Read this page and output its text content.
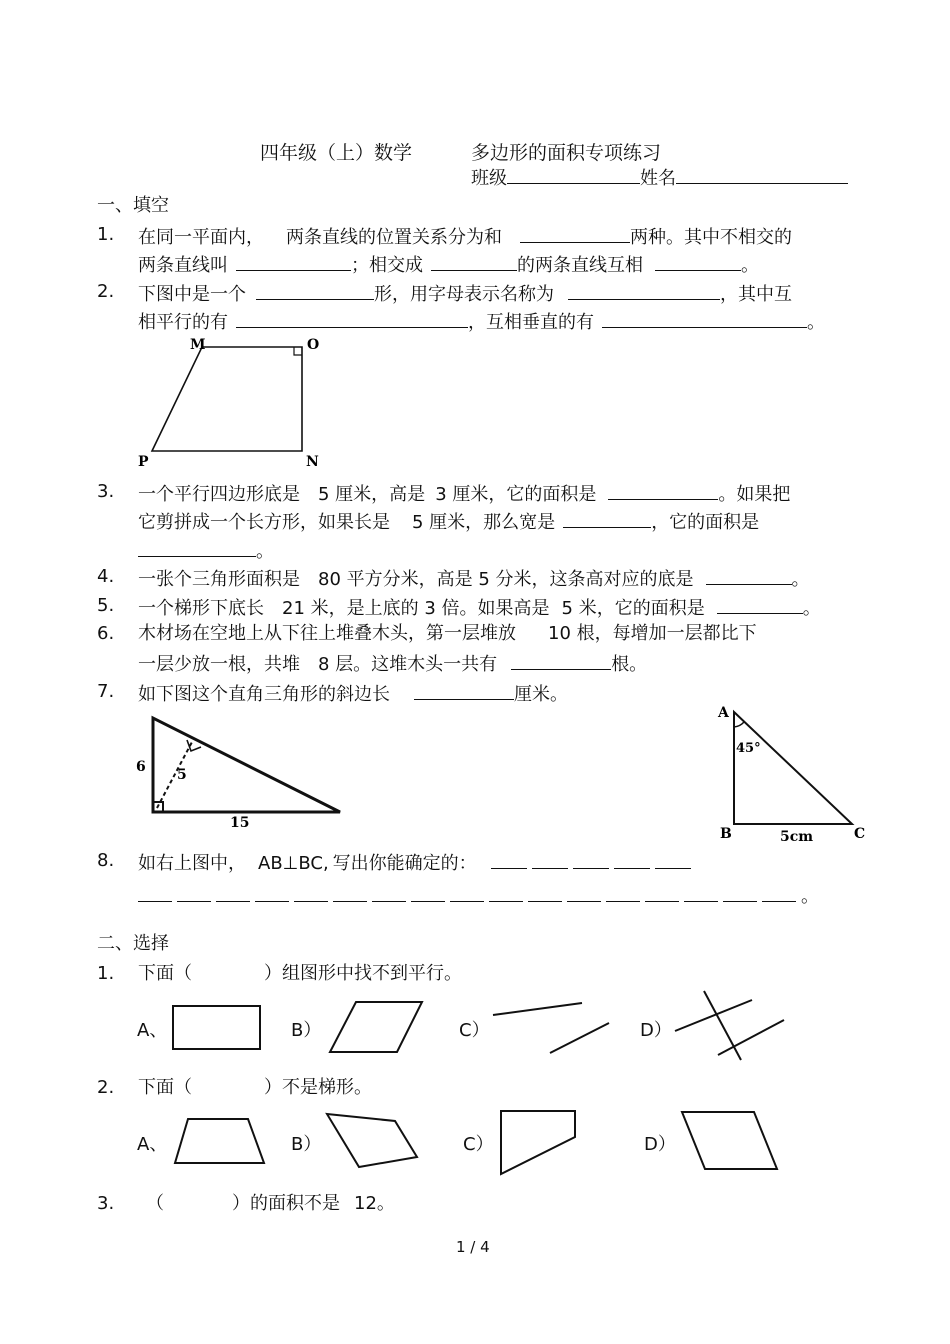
四年级（上）数学	多边形的面积专项练习
班级	姓名
一、填空
1. 在同一平面内， 两条直线的位置关系分为和	两种。其中不相交的
两条直线叫	；相交成	的两条直线互相	。
2. 下图中是一个	形，用字母表示名称为	，其中互
相平行的有	，互相垂直的有	。
M	O
P	N
3. 一个平行四边形底是 5 厘米，高是 3 厘米，它的面积是	。如果把
它剪拼成一个长方形，如果长是 5 厘米，那么宽是	，它的面积是
。
4. 一张个三角形面积是 80 平方分米，高是 5 分米，这条高对应的底是	。
5. 一个梯形下底长 21 米，是上底的 3 倍。如果高是 5 米，它的面积是	。
6. 木材场在空地上从下往上堆叠木头，第一层堆放 10 根，每增加一层都比下
一层少放一根，共堆 8 层。这堆木头一共有	根。
7. 如下图这个直角三角形的斜边长	厘米。
6 5
15
A
45°
B	5cm	C
8. 如右上图中， AB⊥BC, 写出你能确定的：
。
二、选择
1. 下面（	）组图形中找不到平行。
A、	B）	C）	D）
2. 下面（	）不是梯形。
A、	B）	C）	D）
3. （	）的面积不是 12。
1 / 4
